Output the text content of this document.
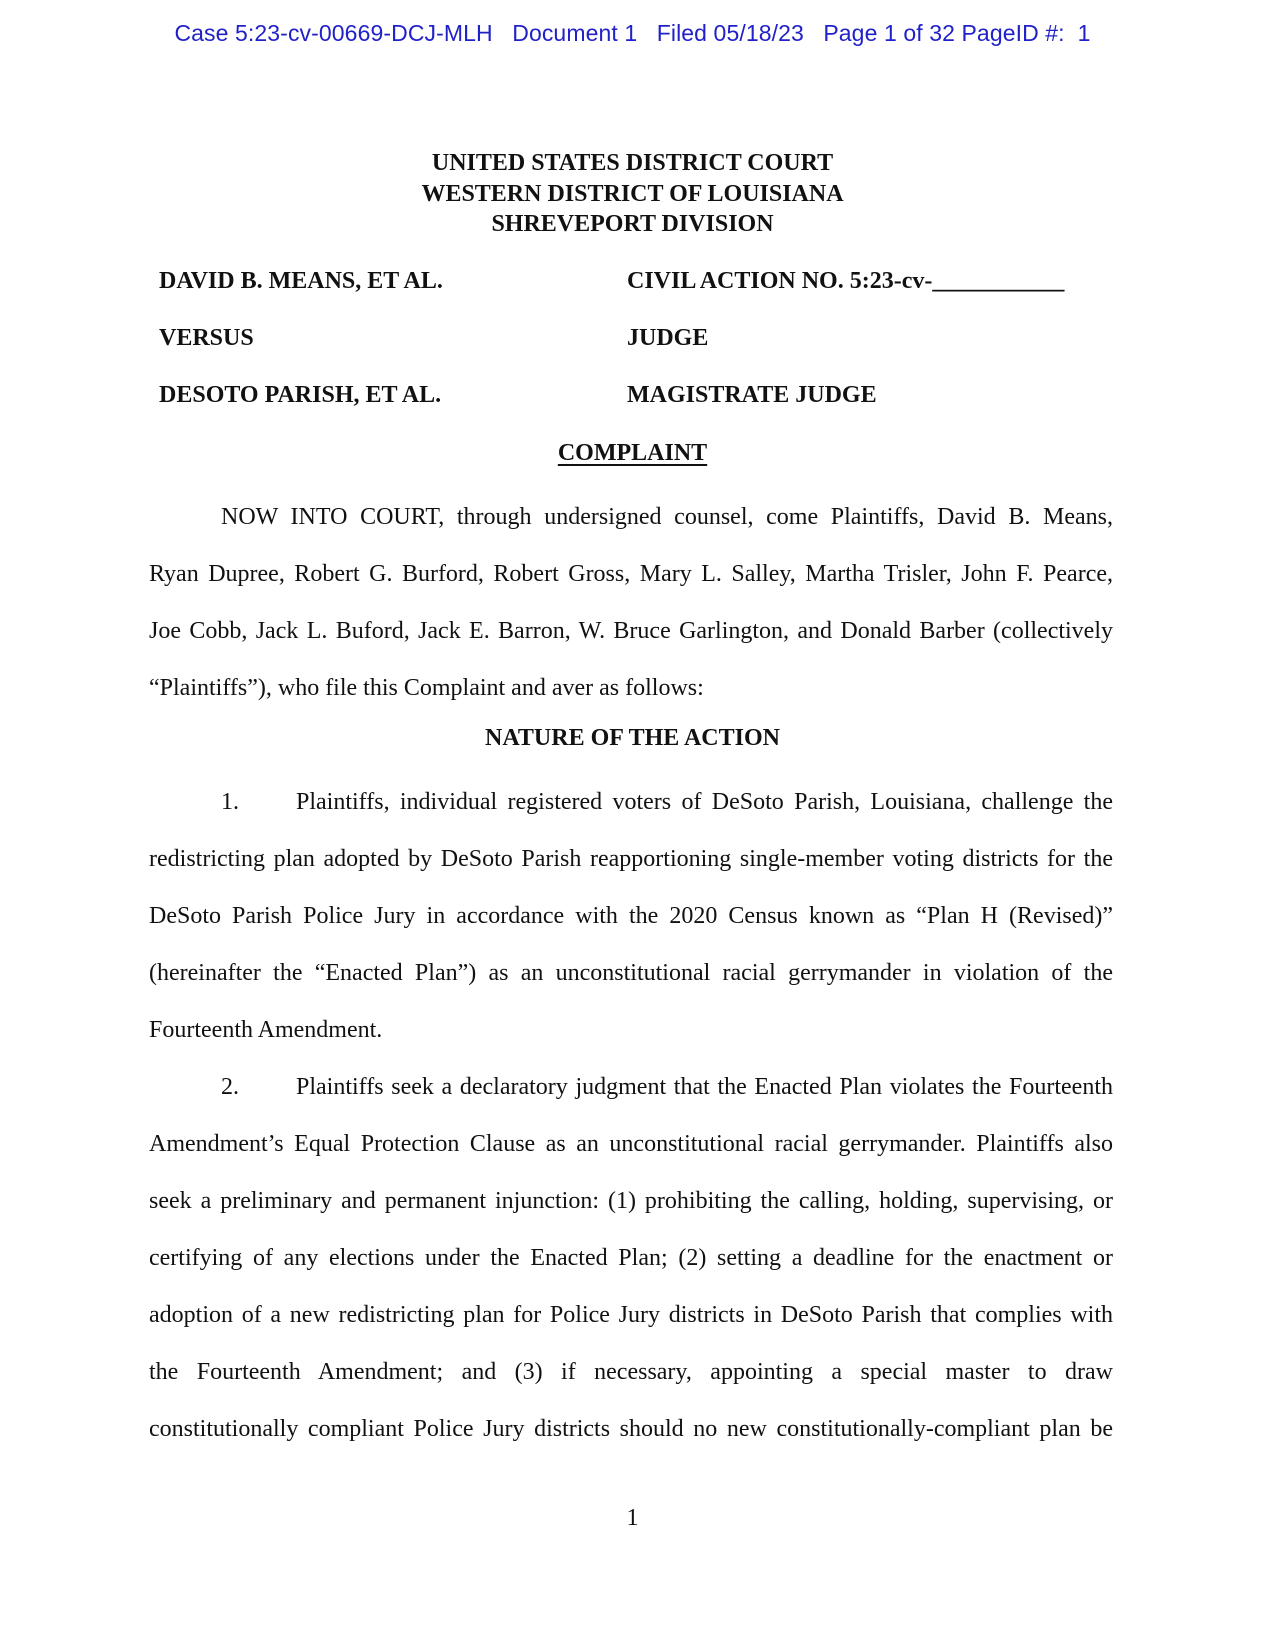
Case 5:23-cv-00669-DCJ-MLH   Document 1   Filed 05/18/23   Page 1 of 32 PageID #:  1
UNITED STATES DISTRICT COURT
WESTERN DISTRICT OF LOUISIANA
SHREVEPORT DIVISION
DAVID B. MEANS, ET AL.	CIVIL ACTION NO. 5:23-cv-___________
VERSUS	JUDGE
DESOTO PARISH, ET AL.	MAGISTRATE JUDGE
COMPLAINT
NOW INTO COURT, through undersigned counsel, come Plaintiffs, David B. Means,
Ryan Dupree, Robert G. Burford, Robert Gross, Mary L. Salley, Martha Trisler, John F. Pearce,
Joe Cobb, Jack L. Buford, Jack E. Barron, W. Bruce Garlington, and Donald Barber (collectively
“Plaintiffs”), who file this Complaint and aver as follows:
NATURE OF THE ACTION
1. Plaintiffs, individual registered voters of DeSoto Parish, Louisiana, challenge the
redistricting plan adopted by DeSoto Parish reapportioning single-member voting districts for the
DeSoto Parish Police Jury in accordance with the 2020 Census known as “Plan H (Revised)”
(hereinafter the “Enacted Plan”) as an unconstitutional racial gerrymander in violation of the
Fourteenth Amendment.
2. Plaintiffs seek a declaratory judgment that the Enacted Plan violates the Fourteenth
Amendment’s Equal Protection Clause as an unconstitutional racial gerrymander. Plaintiffs also
seek a preliminary and permanent injunction: (1) prohibiting the calling, holding, supervising, or
certifying of any elections under the Enacted Plan; (2) setting a deadline for the enactment or
adoption of a new redistricting plan for Police Jury districts in DeSoto Parish that complies with
the Fourteenth Amendment; and (3) if necessary, appointing a special master to draw
constitutionally compliant Police Jury districts should no new constitutionally-compliant plan be
1
